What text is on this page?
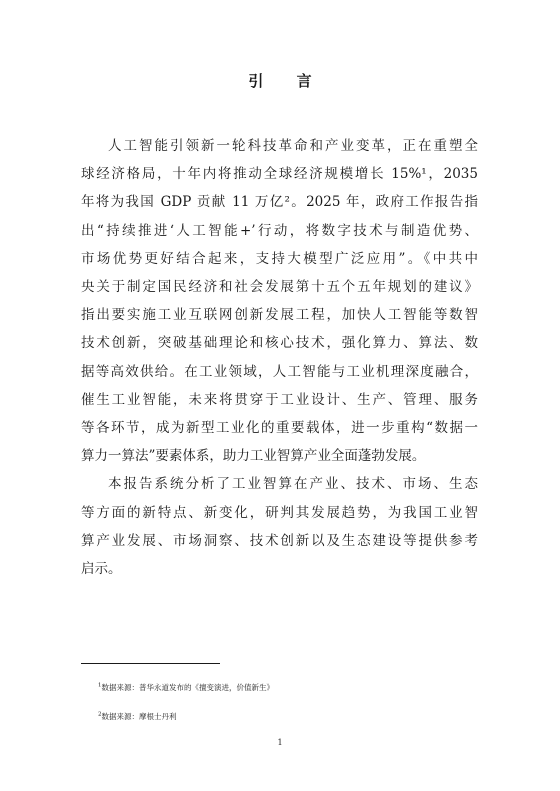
引 言
人工智能引领新一轮科技革命和产业变革，正在重塑全
球经济格局，十年内将推动全球经济规模增长 15%¹，2035
年将为我国 GDP 贡献 11 万亿²。2025 年，政府工作报告指
出“持续推进‘人工智能+’行动，将数字技术与制造优势、
市场优势更好结合起来，支持大模型广泛应用”。《中共中
央关于制定国民经济和社会发展第十五个五年规划的建议》
指出要实施工业互联网创新发展工程，加快人工智能等数智
技术创新，突破基础理论和核心技术，强化算力、算法、数
据等高效供给。在工业领域，人工智能与工业机理深度融合，
催生工业智能，未来将贯穿于工业设计、生产、管理、服务
等各环节，成为新型工业化的重要载体，进一步重构“数据一
算力一算法”要素体系，助力工业智算产业全面蓬勃发展。
本报告系统分析了工业智算在产业、技术、市场、生态
等方面的新特点、新变化，研判其发展趋势，为我国工业智
算产业发展、市场洞察、技术创新以及生态建设等提供参考
启示。

$^1$数据来源：普华永道发布的《擅变演进，价值新生》

$^2$数据来源：摩根士丹利

1
